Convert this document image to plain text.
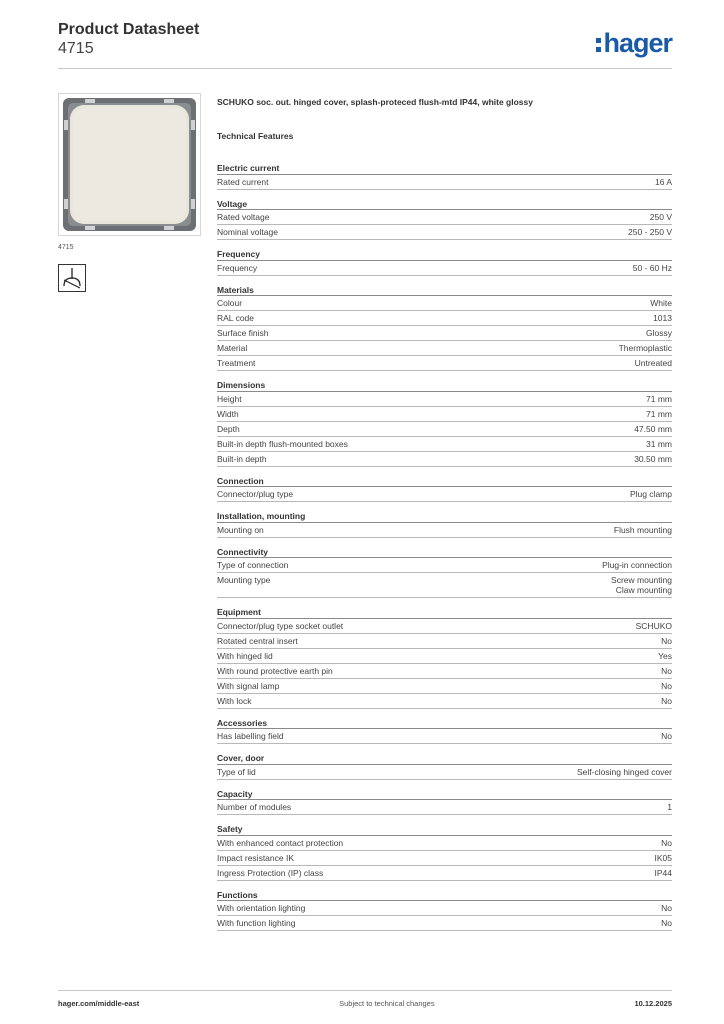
Product Datasheet
4715	hager
4715
SCHUKO soc. out. hinged cover, splash-proteced flush-mtd IP44, white glossy
Technical Features
Electric current
Rated current	16 A
Voltage
Rated voltage	250 V
Nominal voltage	250 - 250 V
Frequency
Frequency	50 - 60 Hz
Materials
Colour	White
RAL code	1013
Surface finish	Glossy
Material	Thermoplastic
Treatment	Untreated
Dimensions
Height	71 mm
Width	71 mm
Depth	47.50 mm
Built-in depth flush-mounted boxes	31 mm
Built-in depth	30.50 mm
Connection
Connector/plug type	Plug clamp
Installation, mounting
Mounting on	Flush mounting
Connectivity
Type of connection	Plug-in connection
Mounting type	Screw mounting
Claw mounting
Equipment
Connector/plug type socket outlet	SCHUKO
Rotated central insert	No
With hinged lid	Yes
With round protective earth pin	No
With signal lamp	No
With lock	No
Accessories
Has labelling field	No
Cover, door
Type of lid	Self-closing hinged cover
Capacity
Number of modules	1
Safety
With enhanced contact protection	No
Impact resistance IK	IK05
Ingress Protection (IP) class	IP44
Functions
With orientation lighting	No
With function lighting	No
hager.com/middle-east	Subject to technical changes	10.12.2025
